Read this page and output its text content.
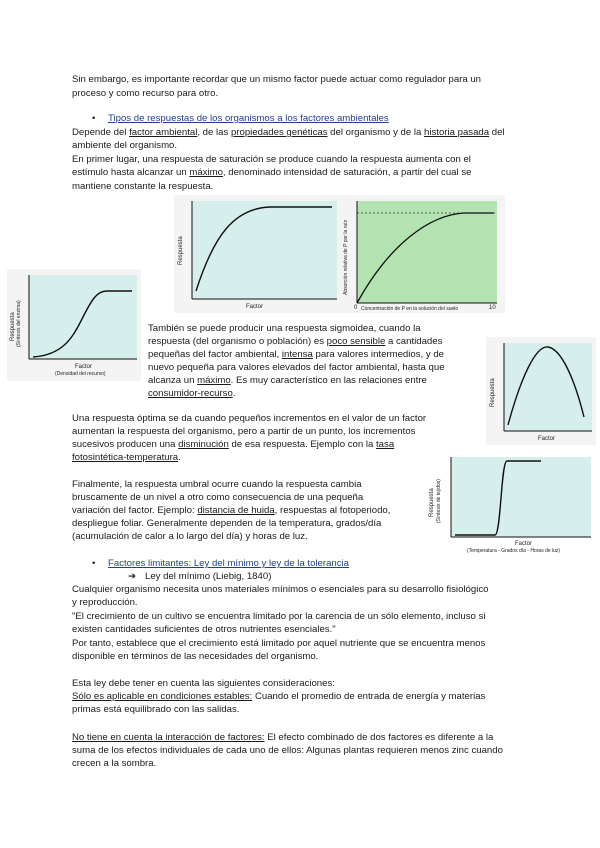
Sin embargo, es importante recordar que un mismo factor puede actuar como regulador para un
proceso y como recurso para otro.
• Tipos de respuestas de los organismos a los factores ambientales
Depende del factor ambiental, de las propiedades genéticas del organismo y de la historia pasada del
ambiente del organismo.
En primer lugar, una respuesta de saturación se produce cuando la respuesta aumenta con el
estímulo hasta alcanzar un máximo, denominado intensidad de saturación, a partir del cual se
mantiene constante la respuesta.
Respuesta
Factor
Absorción relativa de P por la raíz
Concentración de P en la solución del suelo
0	10
Respuesta (Síntesis del enzima)
Factor
(Densidad del recurso)
También se puede producir una respuesta sigmoidea, cuando la
respuesta (del organismo o población) es poco sensible a cantidades
pequeñas del factor ambiental, intensa para valores intermedios, y de
nuevo pequeña para valores elevados del factor ambiental, hasta que
alcanza un máximo. Es muy característico en las relaciones entre
consumidor-recurso.	Respuesta
Factor
Una respuesta óptima se da cuando pequeños incrementos en el valor de un factor
aumentan la respuesta del organismo, pero a partir de un punto, los incrementos
sucesivos producen una disminución de esa respuesta. Ejemplo con la tasa
fotosintética-temperatura.
Respuesta (Síntesis de tejidos)
Factor
(Temperatura - Grados día - Horas de luz)
Finalmente, la respuesta umbral ocurre cuando la respuesta cambia
bruscamente de un nivel a otro como consecuencia de una pequeña
variación del factor. Ejemplo: distancia de huida, respuestas al fotoperiodo,
despliegue foliar. Generalmente dependen de la temperatura, grados/día
(acumulación de calor a lo largo del día) y horas de luz.
• Factores limitantes: Ley del mínimo y ley de la tolerancia
➔ Ley del mínimo (Liebig, 1840)
Cualquier organismo necesita unos materiales mínimos o esenciales para su desarrollo fisiológico
y reproducción.
"El crecimiento de un cultivo se encuentra limitado por la carencia de un sólo elemento, incluso si
existen cantidades suficientes de otros nutrientes esenciales."
Por tanto, establece que el crecimiento está limitado por aquel nutriente que se encuentra menos
disponible en términos de las necesidades del organismo.
Esta ley debe tener en cuenta las siguientes consideraciones:
Sólo es aplicable en condiciones estables: Cuando el promedio de entrada de energía y materias
primas está equilibrado con las salidas.
No tiene en cuenta la interacción de factores: El efecto combinado de dos factores es diferente a la
suma de los efectos individuales de cada uno de ellos: Algunas plantas requieren menos zinc cuando
crecen a la sombra.
